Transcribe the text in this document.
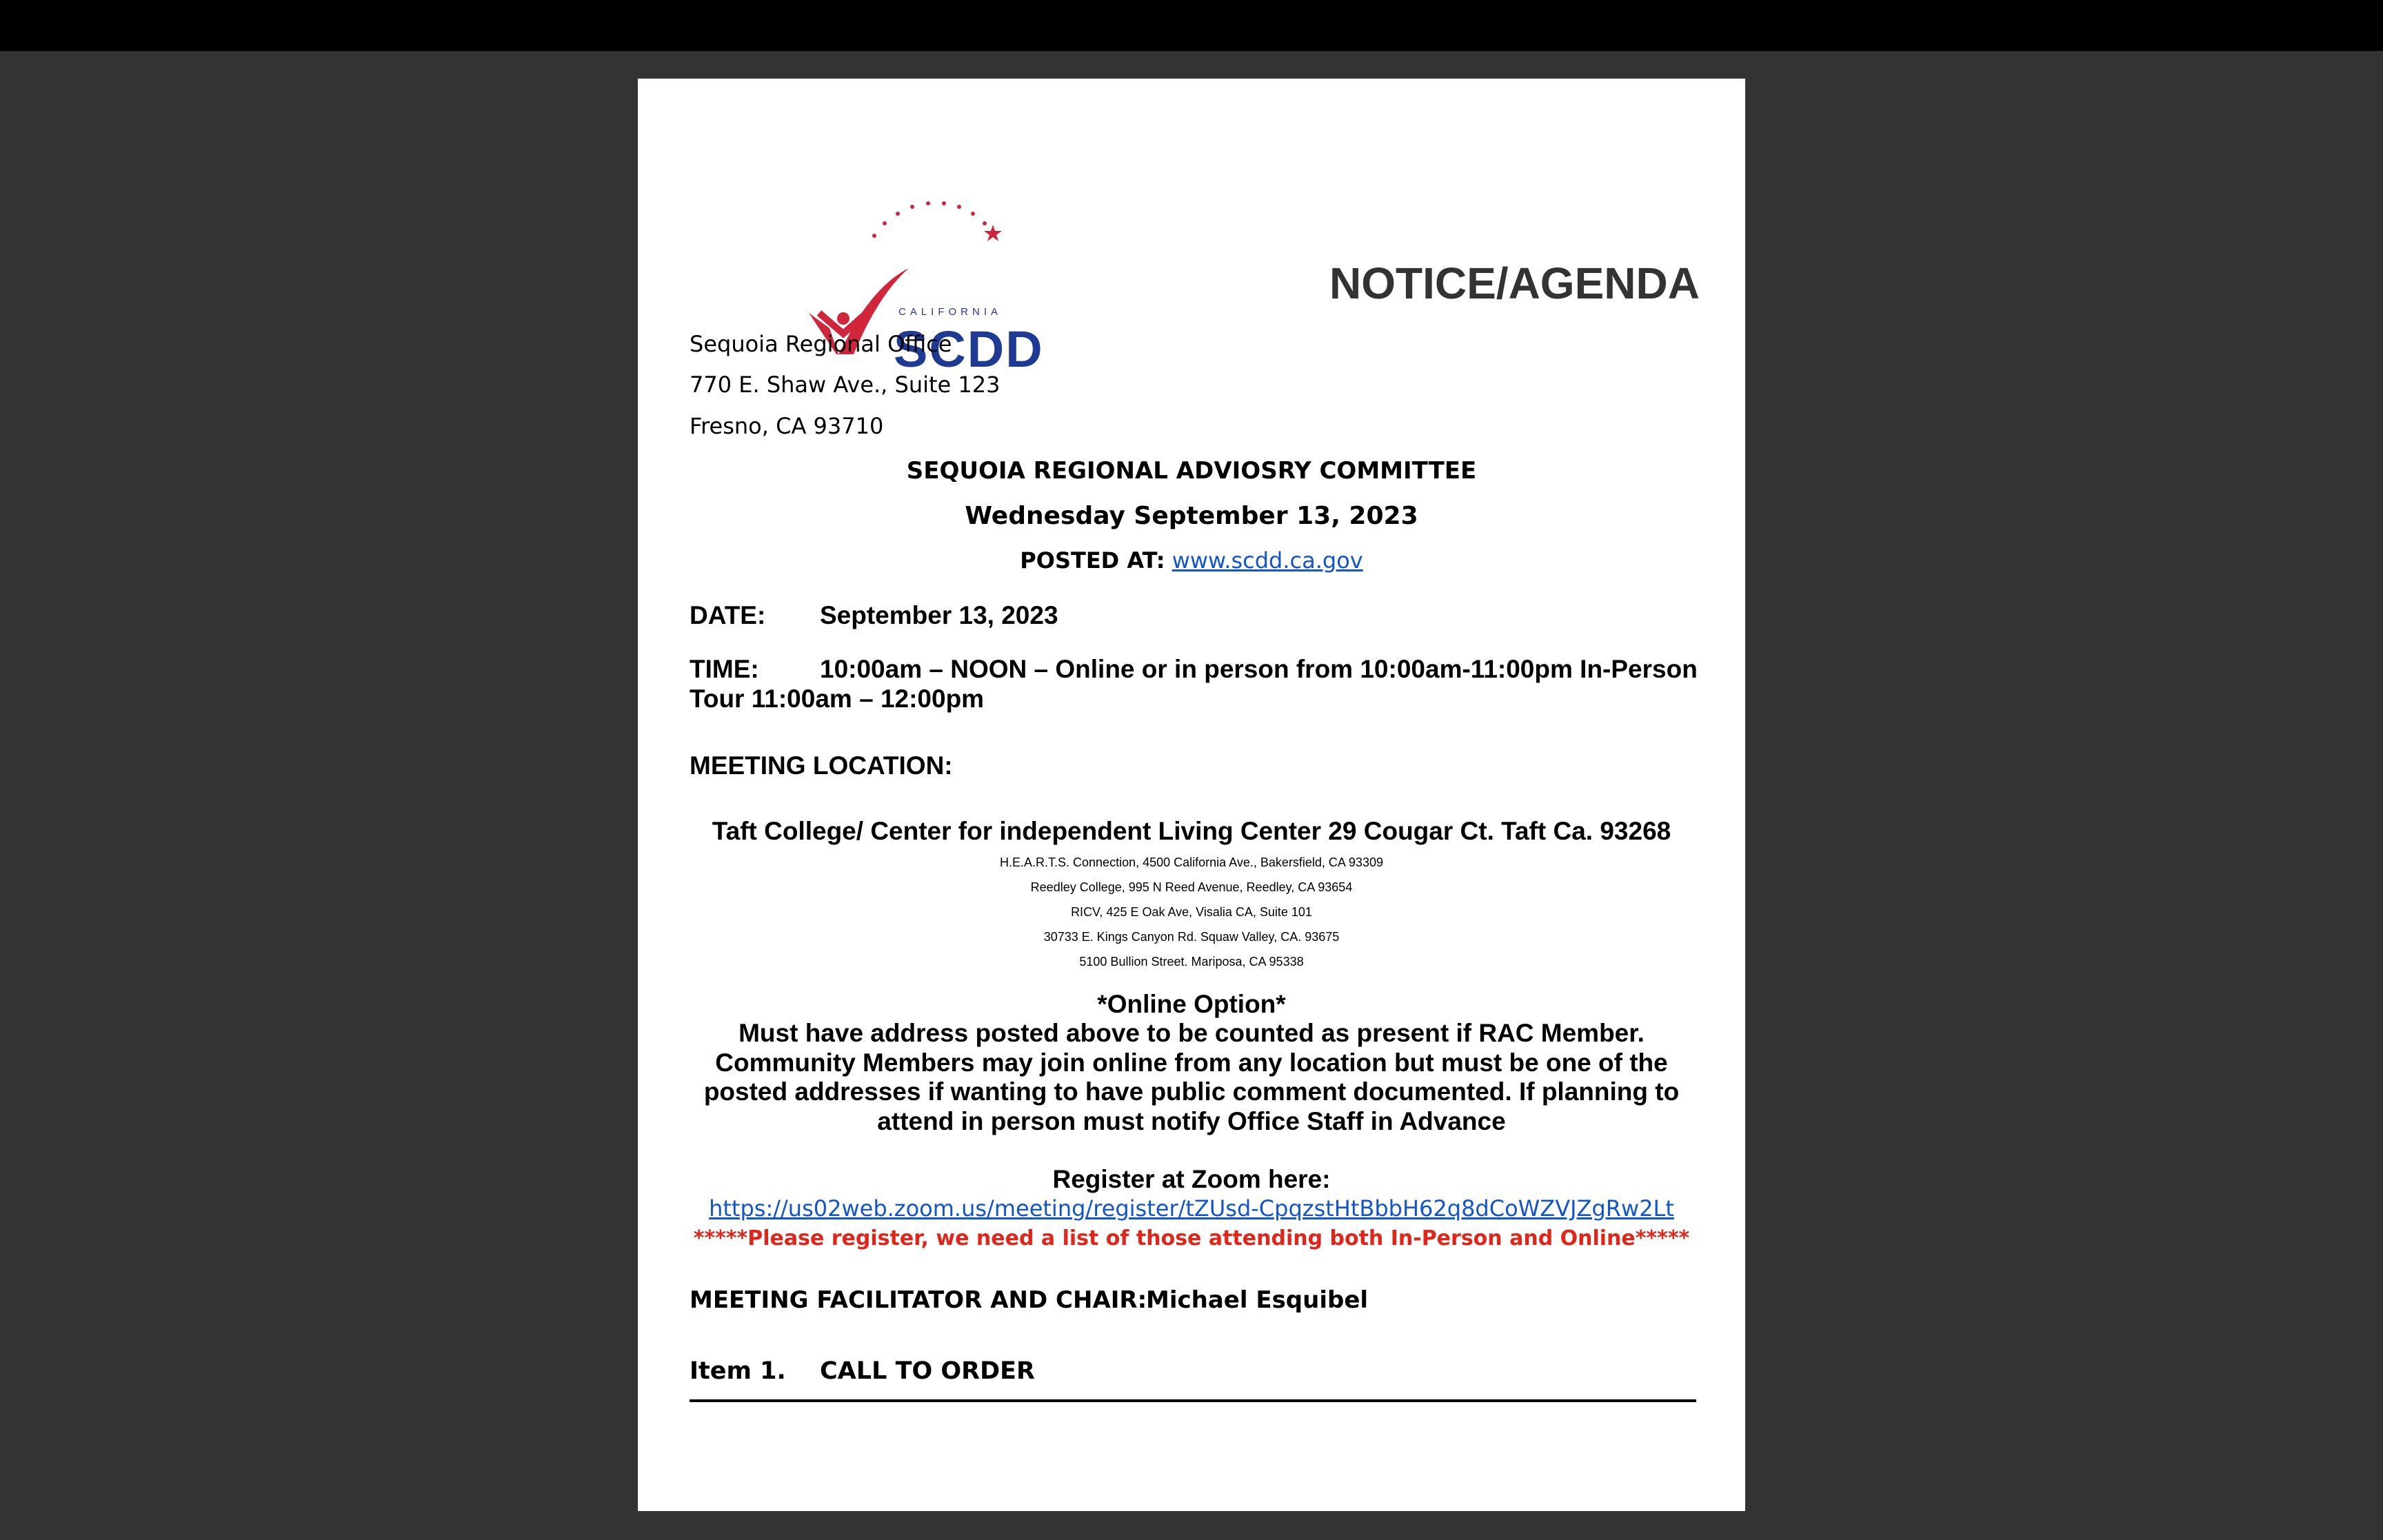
CALIFORNIA
SCDD
NOTICE/AGENDA
Sequoia Regional Office
770 E. Shaw Ave., Suite 123
Fresno, CA 93710
SEQUOIA REGIONAL ADVIOSRY COMMITTEE
Wednesday September 13, 2023
POSTED AT: www.scdd.ca.gov
DATE: September 13, 2023
TIME: 10:00am – NOON – Online or in person from 10:00am-11:00pm In-Person
Tour 11:00am – 12:00pm
MEETING LOCATION:
Taft College/ Center for independent Living Center 29 Cougar Ct. Taft Ca. 93268
H.E.A.R.T.S. Connection, 4500 California Ave., Bakersfield, CA 93309
Reedley College, 995 N Reed Avenue, Reedley, CA 93654
RICV, 425 E Oak Ave, Visalia CA, Suite 101
30733 E. Kings Canyon Rd. Squaw Valley, CA. 93675
5100 Bullion Street. Mariposa, CA 95338
*Online Option*
Must have address posted above to be counted as present if RAC Member.
Community Members may join online from any location but must be one of the
posted addresses if wanting to have public comment documented. If planning to
attend in person must notify Office Staff in Advance
Register at Zoom here:
https://us02web.zoom.us/meeting/register/tZUsd-CpqzstHtBbbH62q8dCoWZVJZgRw2Lt
*****Please register, we need a list of those attending both In-Person and Online*****
MEETING FACILITATOR AND CHAIR:
Michael Esquibel
Item 1. CALL TO ORDER
